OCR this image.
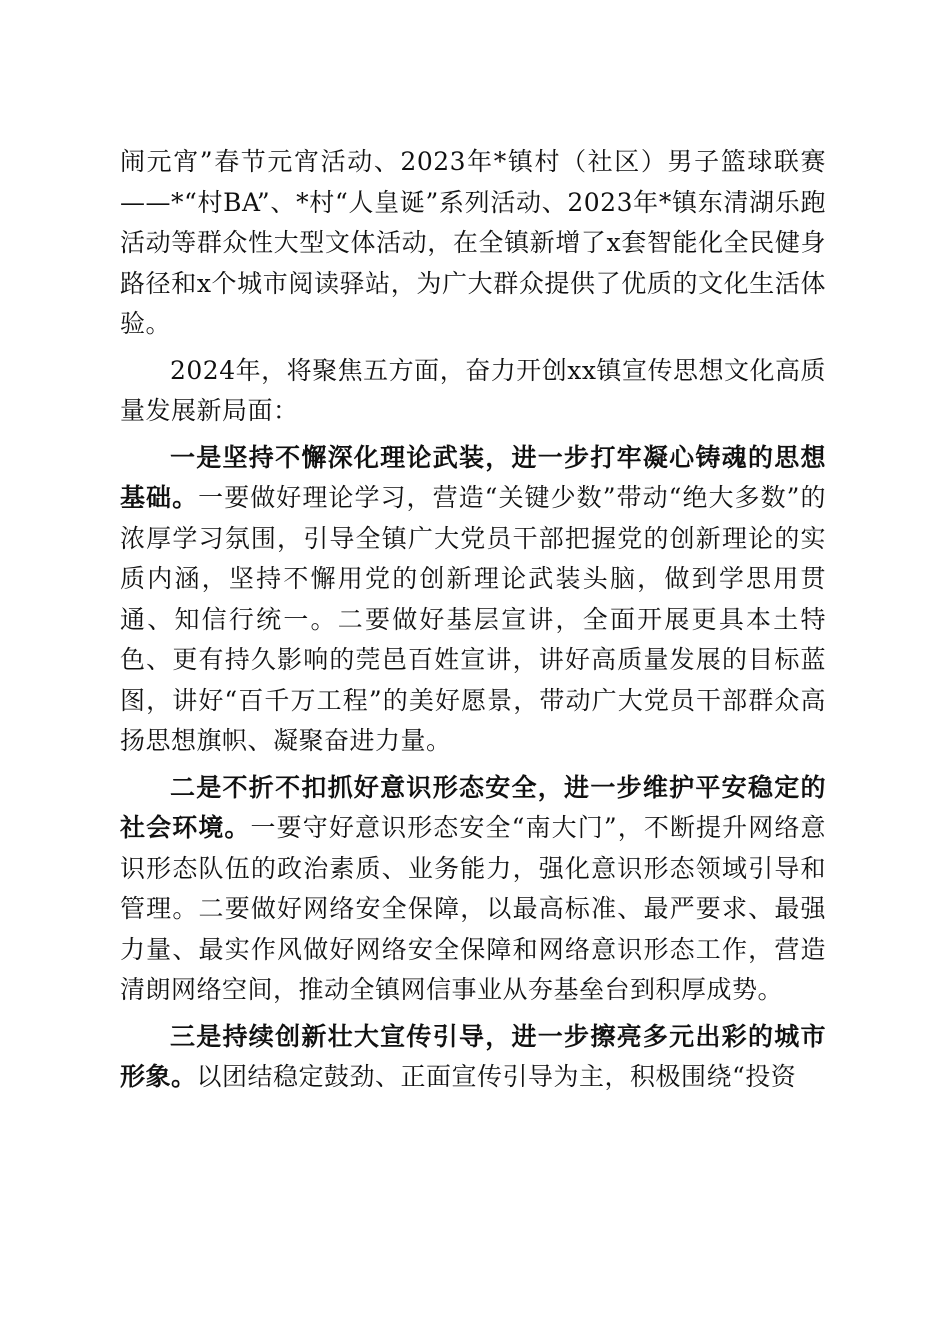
闹元宵”春节元宵活动、2023年*镇村（社区）男子篮球联赛——*“村BA”、*村“人皇诞”系列活动、2023年*镇东清湖乐跑活动等群众性大型文体活动，在全镇新增了x套智能化全民健身路径和x个城市阅读驿站，为广大群众提供了优质的文化生活体验。

2024年，将聚焦五方面，奋力开创xx镇宣传思想文化高质量发展新局面：

一是坚持不懈深化理论武装，进一步打牢凝心铸魂的思想基础。一要做好理论学习，营造“关键少数”带动“绝大多数”的浓厚学习氛围，引导全镇广大党员干部把握党的创新理论的实质内涵，坚持不懈用党的创新理论武装头脑，做到学思用贯通、知信行统一。二要做好基层宣讲，全面开展更具本土特色、更有持久影响的莞邑百姓宣讲，讲好高质量发展的目标蓝图，讲好“百千万工程”的美好愿景，带动广大党员干部群众高扬思想旗帜、凝聚奋进力量。

二是不折不扣抓好意识形态安全，进一步维护平安稳定的社会环境。一要守好意识形态安全“南大门”，不断提升网络意识形态队伍的政治素质、业务能力，强化意识形态领域引导和管理。二要做好网络安全保障，以最高标准、最严要求、最强力量、最实作风做好网络安全保障和网络意识形态工作，营造清朗网络空间，推动全镇网信事业从夯基垒台到积厚成势。

三是持续创新壮大宣传引导，进一步擦亮多元出彩的城市形象。以团结稳定鼓劲、正面宣传引导为主，积极围绕“投资
